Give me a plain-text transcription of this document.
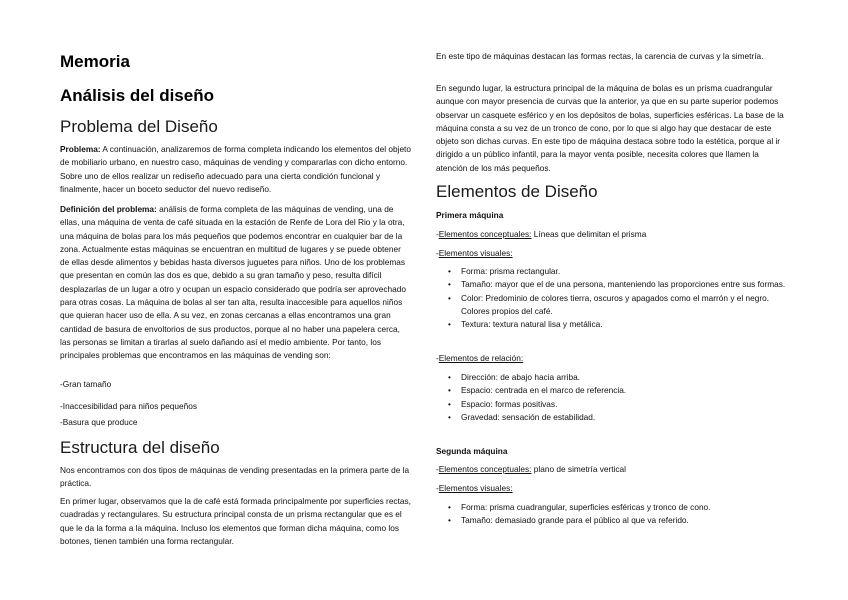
Memoria
Análisis del diseño
Problema del Diseño

Problema: A continuación, analizaremos de forma completa indicando los elementos del objeto de mobiliario urbano, en nuestro caso, máquinas de vending y compararlas con dicho entorno. Sobre uno de ellos realizar un rediseño adecuado para una cierta condición funcional y finalmente, hacer un boceto seductor del nuevo rediseño.

Definición del problema: análisis de forma completa de las máquinas de vending, una de ellas, una máquina de venta de café situada en la estación de Renfe de Lora del Rio y la otra, una máquina de bolas para los más pequeños que podemos encontrar en cualquier bar de la zona. Actualmente estas máquinas se encuentran en multitud de lugares y se puede obtener de ellas desde alimentos y bebidas hasta diversos juguetes para niños. Uno de los problemas que presentan en común las dos es que, debido a su gran tamaño y peso, resulta difícil desplazarlas de un lugar a otro y ocupan un espacio considerado que podría ser aprovechado para otras cosas. La máquina de bolas al ser tan alta, resulta inaccesible para aquellos niños que quieran hacer uso de ella. A su vez, en zonas cercanas a ellas encontramos una gran cantidad de basura de envoltorios de sus productos, porque al no haber una papelera cerca, las personas se limitan a tirarlas al suelo dañando así el medio ambiente. Por tanto, los principales problemas que encontramos en las máquinas de vending son:

-Gran tamaño

-Inaccesibilidad para niños pequeños

-Basura que produce

Estructura del diseño

Nos encontramos con dos tipos de máquinas de vending presentadas en la primera parte de la práctica.

En primer lugar, observamos que la de café está formada principalmente por superficies rectas, cuadradas y rectangulares. Su estructura principal consta de un prisma rectangular que es el que le da la forma a la máquina. Incluso los elementos que forman dicha máquina, como los botones, tienen también una forma rectangular.

En este tipo de máquinas destacan las formas rectas, la carencia de curvas y la simetría.

En segundo lugar, la estructura principal de la máquina de bolas es un prisma cuadrangular aunque con mayor presencia de curvas que la anterior, ya que en su parte superior podemos observar un casquete esférico y en los depósitos de bolas, superficies esféricas. La base de la máquina consta a su vez de un tronco de cono, por lo que si algo hay que destacar de este objeto son dichas curvas. En este tipo de máquina destaca sobre todo la estética, porque al ir dirigido a un público infantil, para la mayor venta posible, necesita colores que llamen la atención de los más pequeños.

Elementos de Diseño

Primera máquina

-Elementos conceptuales: Líneas que delimitan el prisma

-Elementos visuales:

• Forma: prisma rectangular.
• Tamaño: mayor que el de una persona, manteniendo las proporciones entre sus formas.
• Color: Predominio de colores tierra, oscuros y apagados como el marrón y el negro. Colores propios del café.
• Textura: textura natural lisa y metálica.

-Elementos de relación:

• Dirección: de abajo hacia arriba.
• Espacio: centrada en el marco de referencia.
• Espacio: formas positivas.
• Gravedad: sensación de estabilidad.

Segunda máquina

-Elementos conceptuales: plano de simetría vertical

-Elementos visuales:

• Forma: prisma cuadrangular, superficies esféricas y tronco de cono.
• Tamaño: demasiado grande para el público al que va referido.
